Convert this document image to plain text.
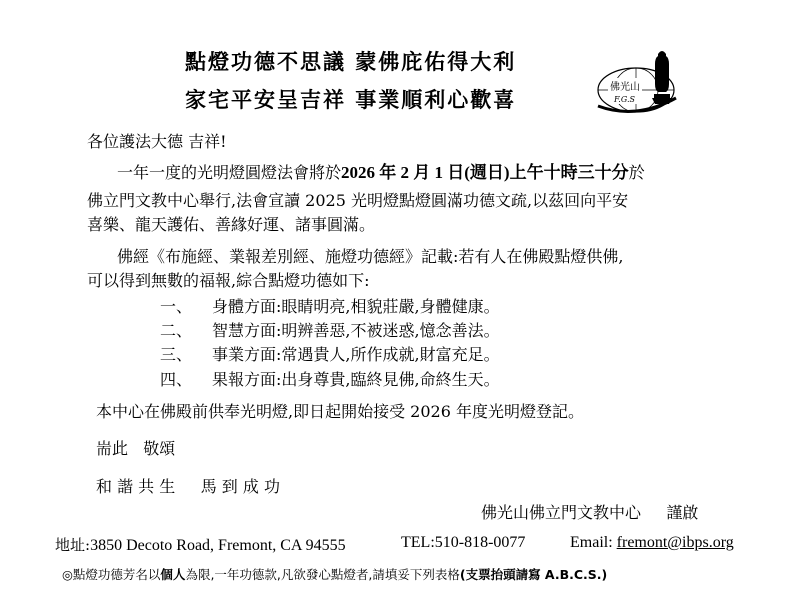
點燈功德不思議 蒙佛庇佑得大利
家宅平安呈吉祥 事業順利心歡喜
佛光山
F.G.S
各位護法大德 吉祥!
一年一度的光明燈圓燈法會將於2026 年 2 月 1 日(週日)上午十時三十分於
佛立門文教中心舉行,法會宣讀 2025 光明燈點燈圓滿功德文疏,以茲回向平安
喜樂、龍天護佑、善緣好運、諸事圓滿。
佛經《布施經、業報差別經、施燈功德經》記載:若有人在佛殿點燈供佛,
可以得到無數的福報,綜合點燈功德如下:
一、 身體方面:眼睛明亮,相貌莊嚴,身體健康。
二、 智慧方面:明辨善惡,不被迷惑,憶念善法。
三、 事業方面:常遇貴人,所作成就,財富充足。
四、 果報方面:出身尊貴,臨終見佛,命終生天。
本中心在佛殿前供奉光明燈,即日起開始接受 2026 年度光明燈登記。
耑此   敬頌
和 諧 共 生     馬 到 成 功
佛光山佛立門文教中心     謹啟
地址:3850 Decoto Road, Fremont, CA 94555	TEL:510-818-0077	Email: fremont@ibps.org
◎點燈功德芳名以個人為限,一年功德款,凡欲發心點燈者,請填妥下列表格(支票抬頭請寫 A.B.C.S.)
